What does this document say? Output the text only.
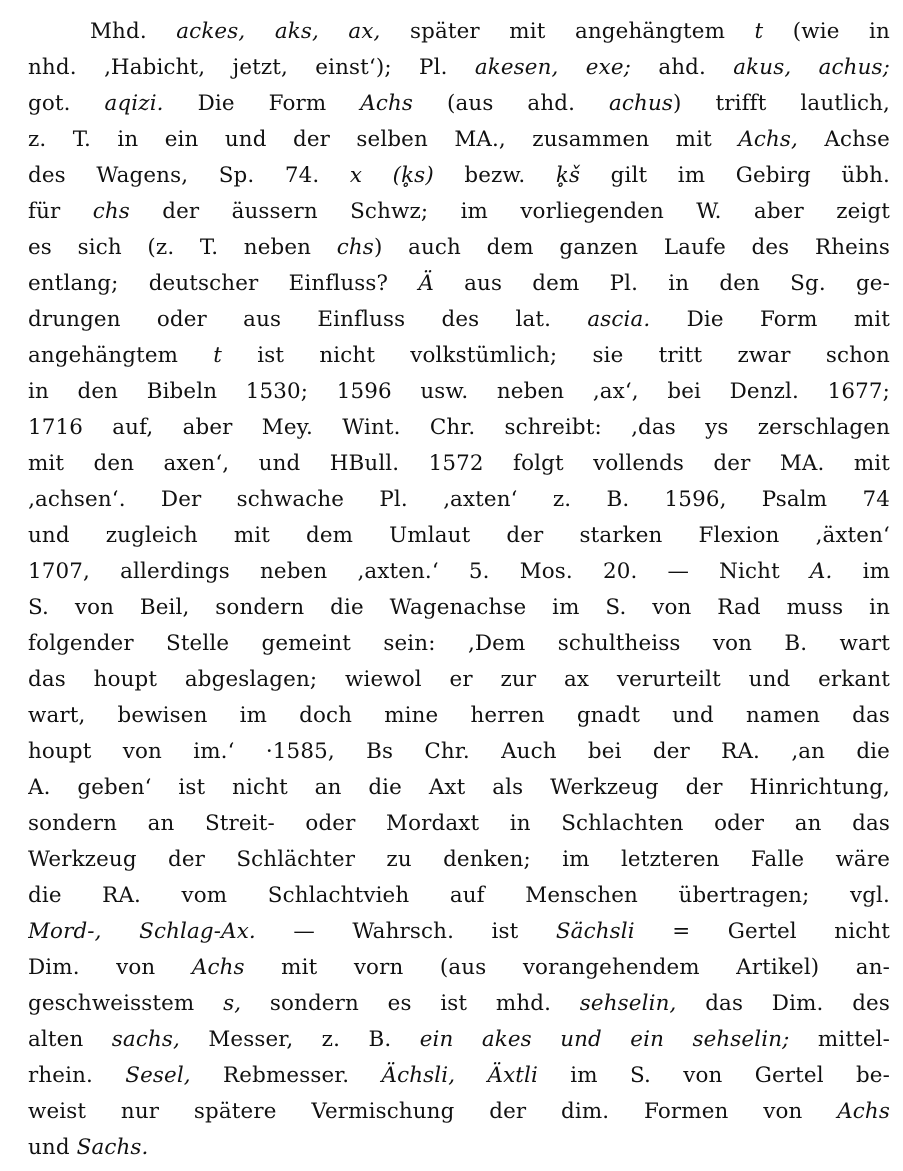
Mhd. ackes, aks, ax, später mit angehängtem t (wie in
nhd. ‚Habicht, jetzt, einst‘); Pl. akesen, exe; ahd. akus, achus;
got. aqizi. Die Form Achs (aus ahd. achus) trifft lautlich,
z. T. in ein und der selben MA., zusammen mit Achs, Achse
des Wagens, Sp. 74. x (k̥s) bezw. k̥š gilt im Gebirg übh.
für chs der äussern Schwz; im vorliegenden W. aber zeigt
es sich (z. T. neben chs) auch dem ganzen Laufe des Rheins
entlang; deutscher Einfluss? Ä aus dem Pl. in den Sg. ge-
drungen oder aus Einfluss des lat. ascia. Die Form mit
angehängtem t ist nicht volkstümlich; sie tritt zwar schon
in den Bibeln 1530; 1596 usw. neben ‚ax‘, bei Denzl. 1677;
1716 auf, aber Mey. Wint. Chr. schreibt: ‚das ys zerschlagen
mit den axen‘, und HBull. 1572 folgt vollends der MA. mit
‚achsen‘. Der schwache Pl. ‚axten‘ z. B. 1596, Psalm 74
und zugleich mit dem Umlaut der starken Flexion ‚äxten‘
1707, allerdings neben ‚axten.‘ 5. Mos. 20. — Nicht A. im
S. von Beil, sondern die Wagenachse im S. von Rad muss in
folgender Stelle gemeint sein: ‚Dem schultheiss von B. wart
das houpt abgeslagen; wiewol er zur ax verurteilt und erkant
wart, bewisen im doch mine herren gnadt und namen das
houpt von im.‘ ·1585, Bs Chr. Auch bei der RA. ‚an die
A. geben‘ ist nicht an die Axt als Werkzeug der Hinrichtung,
sondern an Streit- oder Mordaxt in Schlachten oder an das
Werkzeug der Schlächter zu denken; im letzteren Falle wäre
die RA. vom Schlachtvieh auf Menschen übertragen; vgl.
Mord-, Schlag-Ax. — Wahrsch. ist Sächsli = Gertel nicht
Dim. von Achs mit vorn (aus vorangehendem Artikel) an-
geschweisstem s, sondern es ist mhd. sehselin, das Dim. des
alten sachs, Messer, z. B. ein akes und ein sehselin; mittel-
rhein. Sesel, Rebmesser. Ächsli, Äxtli im S. von Gertel be-
weist nur spätere Vermischung der dim. Formen von Achs
und Sachs.
